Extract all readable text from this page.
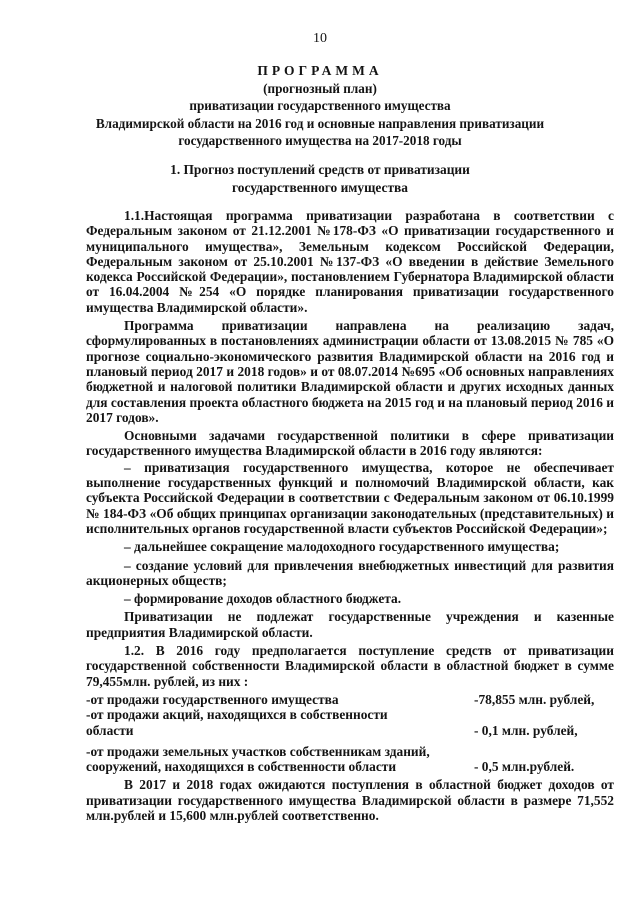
10
ПРОГРАММА
(прогнозный план)
приватизации государственного имущества
Владимирской области на 2016 год и основные направления приватизации
государственного имущества на 2017-2018 годы
1. Прогноз поступлений средств от приватизации
государственного имущества

1.1.Настоящая программа приватизации разработана в соответствии с Федеральным законом от 21.12.2001 №178-ФЗ «О приватизации государственного и муниципального имущества», Земельным кодексом Российской Федерации, Федеральным законом от 25.10.2001 №137-ФЗ «О введении в действие Земельного кодекса Российской Федерации», постановлением Губернатора Владимирской области от 16.04.2004 №254 «О порядке планирования приватизации государственного имущества Владимирской области».

Программа приватизации направлена на реализацию задач, сформулированных в постановлениях администрации области от 13.08.2015 № 785 «О прогнозе социально-экономического развития Владимирской области на 2016 год и плановый период 2017 и 2018 годов» и от 08.07.2014 №695 «Об основных направлениях бюджетной и налоговой политики Владимирской области и других исходных данных для составления проекта областного бюджета на 2015 год и на плановый период 2016 и 2017 годов».

Основными задачами государственной политики в сфере приватизации государственного имущества Владимирской области в 2016 году являются:

– приватизация государственного имущества, которое не обеспечивает выполнение государственных функций и полномочий Владимирской области, как субъекта Российской Федерации в соответствии с Федеральным законом от 06.10.1999 № 184-ФЗ «Об общих принципах организации законодательных (представительных) и исполнительных органов государственной власти субъектов Российской Федерации»;

– дальнейшее сокращение малодоходного государственного имущества;

– создание условий для привлечения внебюджетных инвестиций для развития акционерных обществ;

– формирование доходов областного бюджета.

Приватизации не подлежат государственные учреждения и казенные предприятия Владимирской области.

1.2. В 2016 году предполагается поступление средств от приватизации государственной собственности Владимирской области в областной бюджет в сумме 79,455млн. рублей, из них :

-от продажи государственного имущества	-78,855 млн. рублей,
-от продажи акций, находящихся в собственности
области	- 0,1 млн. рублей,
-от продажи земельных участков собственникам зданий,
сооружений, находящихся в собственности области	- 0,5 млн.рублей.

В 2017 и 2018 годах ожидаются поступления в областной бюджет доходов от приватизации государственного имущества Владимирской области в размере 71,552 млн.рублей и 15,600 млн.рублей соответственно.
